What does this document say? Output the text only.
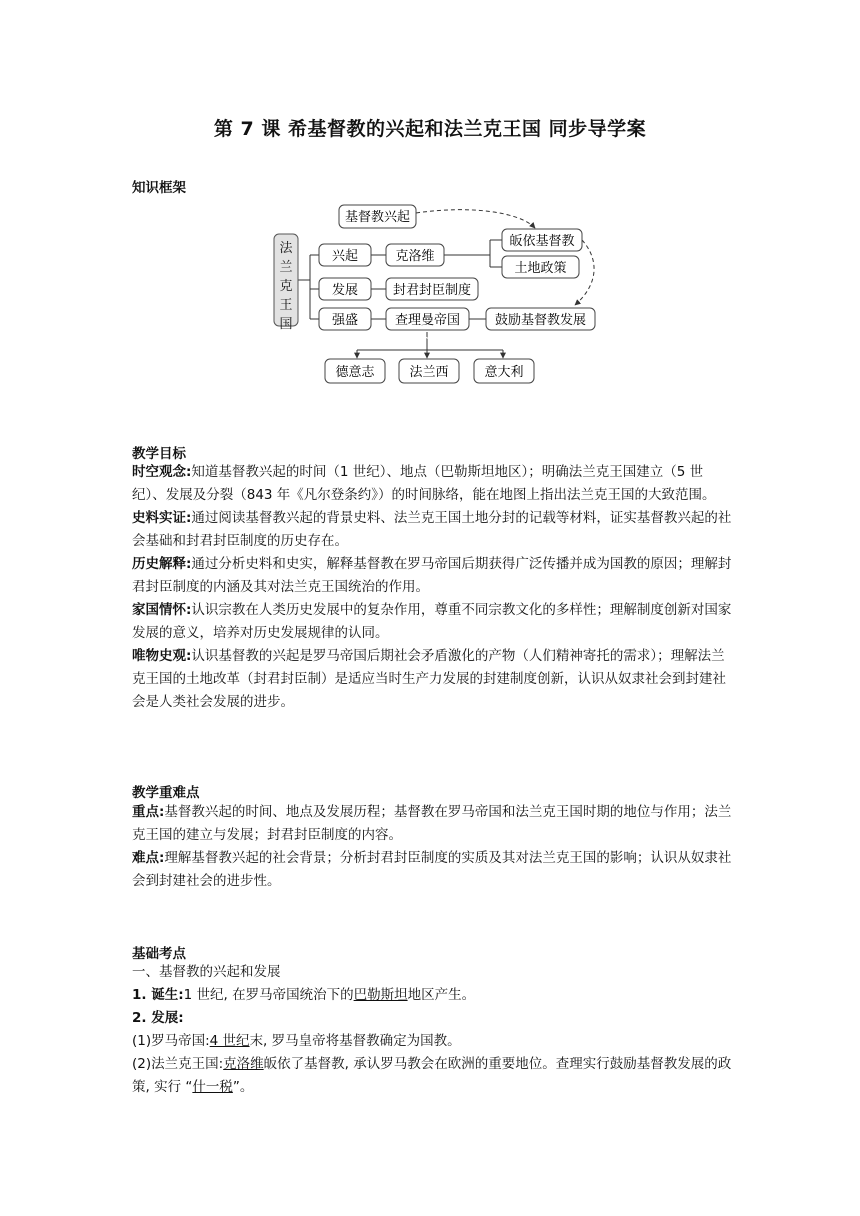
第 7 课 希基督教的兴起和法兰克王国 同步导学案
知识框架
法兰克王国
基督教兴起
兴起
发展
强盛
克洛维
封君封臣制度
查理曼帝国
皈依基督教
土地政策
鼓励基督教发展
分 裂
德意志	法兰西	意大利
教学目标
时空观念:知道基督教兴起的时间（1 世纪）、地点（巴勒斯坦地区）；明确法兰克王国建立（5 世纪）、发展及分裂（843 年《凡尔登条约》）的时间脉络，能在地图上指出法兰克王国的大致范围。
史料实证:通过阅读基督教兴起的背景史料、法兰克王国土地分封的记载等材料，证实基督教兴起的社会基础和封君封臣制度的历史存在。
历史解释:通过分析史料和史实，解释基督教在罗马帝国后期获得广泛传播并成为国教的原因；理解封君封臣制度的内涵及其对法兰克王国统治的作用。
家国情怀:认识宗教在人类历史发展中的复杂作用，尊重不同宗教文化的多样性；理解制度创新对国家发展的意义，培养对历史发展规律的认同。
唯物史观:认识基督教的兴起是罗马帝国后期社会矛盾激化的产物（人们精神寄托的需求）；理解法兰克王国的土地改革（封君封臣制）是适应当时生产力发展的封建制度创新，认识从奴隶社会到封建社会是人类社会发展的进步。
教学重难点
重点:基督教兴起的时间、地点及发展历程；基督教在罗马帝国和法兰克王国时期的地位与作用；法兰克王国的建立与发展；封君封臣制度的内容。
难点:理解基督教兴起的社会背景；分析封君封臣制度的实质及其对法兰克王国的影响；认识从奴隶社会到封建社会的进步性。
基础考点
一、基督教的兴起和发展
1. 诞生:1 世纪, 在罗马帝国统治下的巴勒斯坦地区产生。
2. 发展:
(1)罗马帝国:4 世纪末, 罗马皇帝将基督教确定为国教。
(2)法兰克王国:克洛维皈依了基督教, 承认罗马教会在欧洲的重要地位。查理实行鼓励基督教发展的政策, 实行 “什一税”。
